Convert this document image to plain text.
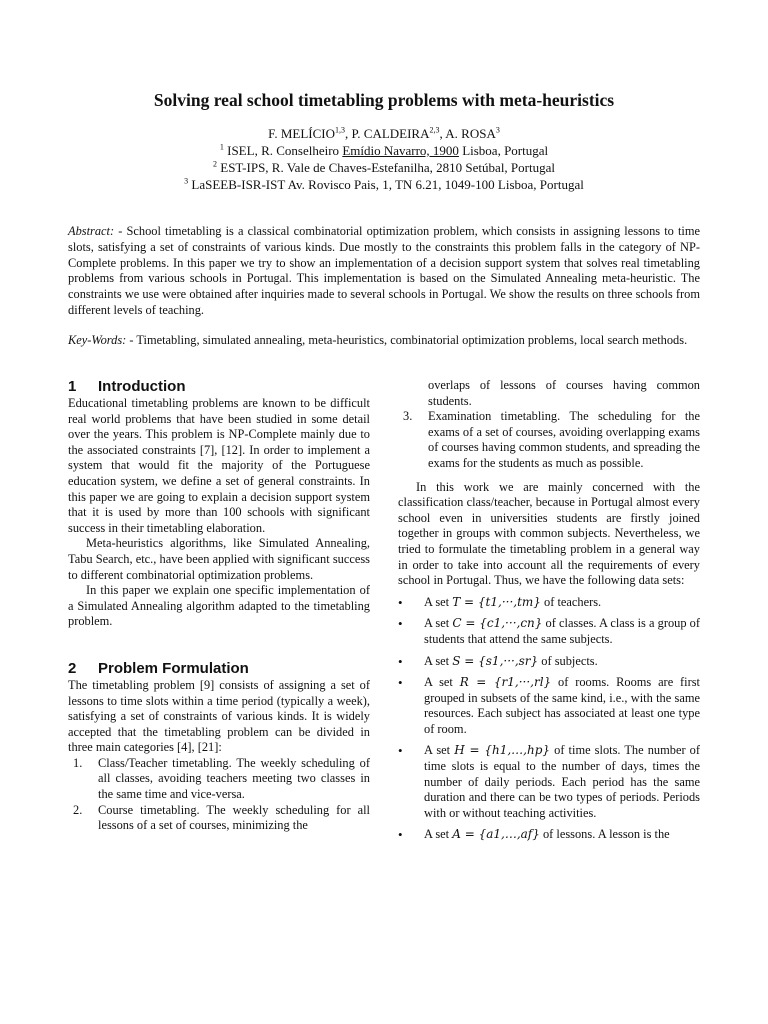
Solving real school timetabling problems with meta-heuristics
F. MELÍCIO$^{1,3}$, P. CALDEIRA$^{2,3}$, A. ROSA$^3$
$^1$ ISEL, R. Conselheiro Emídio Navarro, 1900 Lisboa, Portugal
$^2$ EST-IPS, R. Vale de Chaves-Estefanilha, 2810 Setúbal, Portugal
$^3$ LaSEEB-ISR-IST Av. Rovisco Pais, 1, TN 6.21, 1049-100 Lisboa, Portugal
Abstract: - School timetabling is a classical combinatorial optimization problem, which consists in assigning lessons to time slots, satisfying a set of constraints of various kinds. Due mostly to the constraints this problem falls in the category of NP-Complete problems. In this paper we try to show an implementation of a decision support system that solves real timetabling problems from various schools in Portugal. This implementation is based on the Simulated Annealing meta-heuristic. The constraints we use were obtained after inquiries made to several schools in Portugal. We show the results on three schools from different levels of teaching.
Key-Words: - Timetabling, simulated annealing, meta-heuristics, combinatorial optimization problems, local search methods.
1 Introduction

Educational timetabling problems are known to be difficult real world problems that have been studied in some detail over the years. This problem is NP-Complete mainly due to the associated constraints [7], [12]. In order to implement a system that would fit the majority of the Portuguese education system, we define a set of general constraints. In this paper we are going to explain a decision support system that it is used by more than 100 schools with significant success in their timetabling elaboration.

Meta-heuristics algorithms, like Simulated Annealing, Tabu Search, etc., have been applied with significant success to different combinatorial optimization problems.

In this paper we explain one specific implementation of a Simulated Annealing algorithm adapted to the timetabling problem.

2 Problem Formulation

The timetabling problem [9] consists of assigning a set of lessons to time slots within a time period (typically a week), satisfying a set of constraints of various kinds. It is widely accepted that the timetabling problem can be divided in three main categories [4], [21]:

1. Class/Teacher timetabling. The weekly scheduling of all classes, avoiding teachers meeting two classes in the same time and vice-versa.
2. Course timetabling. The weekly scheduling for all lessons of a set of courses, minimizing the
overlaps of lessons of courses having common students.
3. Examination timetabling. The scheduling for the exams of a set of courses, avoiding overlapping exams of courses having common students, and spreading the exams for the students as much as possible.

In this work we are mainly concerned with the classification class/teacher, because in Portugal almost every school even in universities students are firstly joined together in groups with common subjects. Nevertheless, we tried to formulate the timetabling problem in a general way in order to take into account all the requirements of every school in Portugal. Thus, we have the following data sets:

• A set T = {t1,···,tm} of teachers.
• A set C = {c1,···,cn} of classes. A class is a group of students that attend the same subjects.
• A set S = {s1,···,sr} of subjects.
• A set R = {r1,···,rl} of rooms. Rooms are first grouped in subsets of the same kind, i.e., with the same resources. Each subject has associated at least one type of room.
• A set H = {h1,…,hp} of time slots. The number of time slots is equal to the number of days, times the number of daily periods. Each period has the same duration and there can be two types of periods. Periods with or without teaching activities.
• A set A = {a1,…,af} of lessons. A lesson is the
